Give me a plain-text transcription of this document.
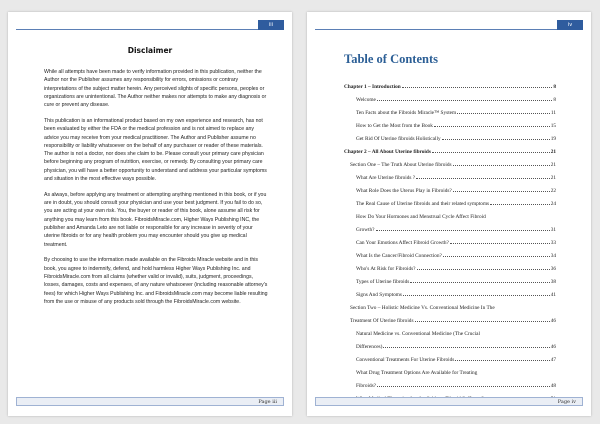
iii
Disclaimer

While all attempts have been made to verify information provided in this publication, neither the Author nor the Publisher assumes any responsibility for errors, omissions or contrary interpretations of the subject matter herein. Any perceived slights of specific persons, peoples or organizations are unintentional. The Author neither makes nor attempts to make any diagnosis or cure or prevent any disease.

This publication is an informational product based on my own experience and research, has not been evaluated by either the FDA or the medical profession and is not aimed to replace any advice you may receive from your medical practitioner. The Author and Publisher assume no responsibility or liability whatsoever on the behalf of any purchaser or reader of these materials. The author is not a doctor, nor does she claim to be. Please consult your primary care physician before beginning any program of nutrition, exercise, or remedy. By consulting your primary care physician, you will have a better opportunity to understand and address your particular symptoms and situation in the most effective ways possible.

As always, before applying any treatment or attempting anything mentioned in this book, or if you are in doubt, you should consult your physician and use your best judgment. If you fail to do so, you are acting at your own risk. You, the buyer or reader of this book, alone assume all risk for anything you may learn from this book. FibroidsMiracle.com, Higher Ways Publishing INC, the publisher and Amanda Leto are not liable or responsible for any increase in severity of your uterine fibroids or for any health problem you may encounter should you give up medical treatment.

By choosing to use the information made available on the Fibroids Miracle website and in this book, you agree to indemnify, defend, and hold harmless Higher Ways Publishing Inc. and FibroidsMiracle.com from all claims (whether valid or invalid), suits, judgment, proceedings, losses, damages, costs and expenses, of any nature whatsoever (including reasonable attorney's fees) for which Higher Ways Publishing Inc. and FibroidsMiracle.com may become liable resulting from the use or misuse of any products sold through the FibroidsMiracle.com website.

Page iii
iv
Table of Contents
Chapter 1 – Introduction	8
Welcome	8
Ten Facts about the Fibroids Miracle™ System	11
How to Get the Most from the Book	15
Get Rid Of Uterine fibroids Holistically	19
Chapter 2 – All About Uterine fibroids	21
Section One – The Truth About Uterine fibroids	21
What Are Uterine fibroids ?	21
What Role Does the Uterus Play in Fibroids?	22
The Real Cause of Uterine fibroids and their related symptoms	24
How Do Your Hormones and Menstrual Cycle Affect Fibroid
Growth?	31
Can Your Emotions Affect Fibroid Growth?	33
What Is the Cancer/Fibroid Connection?	34
Who's At Risk for Fibroids?	36
Types of Uterine fibroids	38
Signs And Symptoms	41
Section Two – Holistic Medicine Vs. Conventional Medicine In The
Treatment Of Uterine fibroids	46
Natural Medicine vs. Conventional Medicine (The Crucial
Differences)	46
Conventional Treatments For Uterine Fibroids	47
What Drug Treatment Options Are Available for Treating
Fibroids?	48
Page iv
